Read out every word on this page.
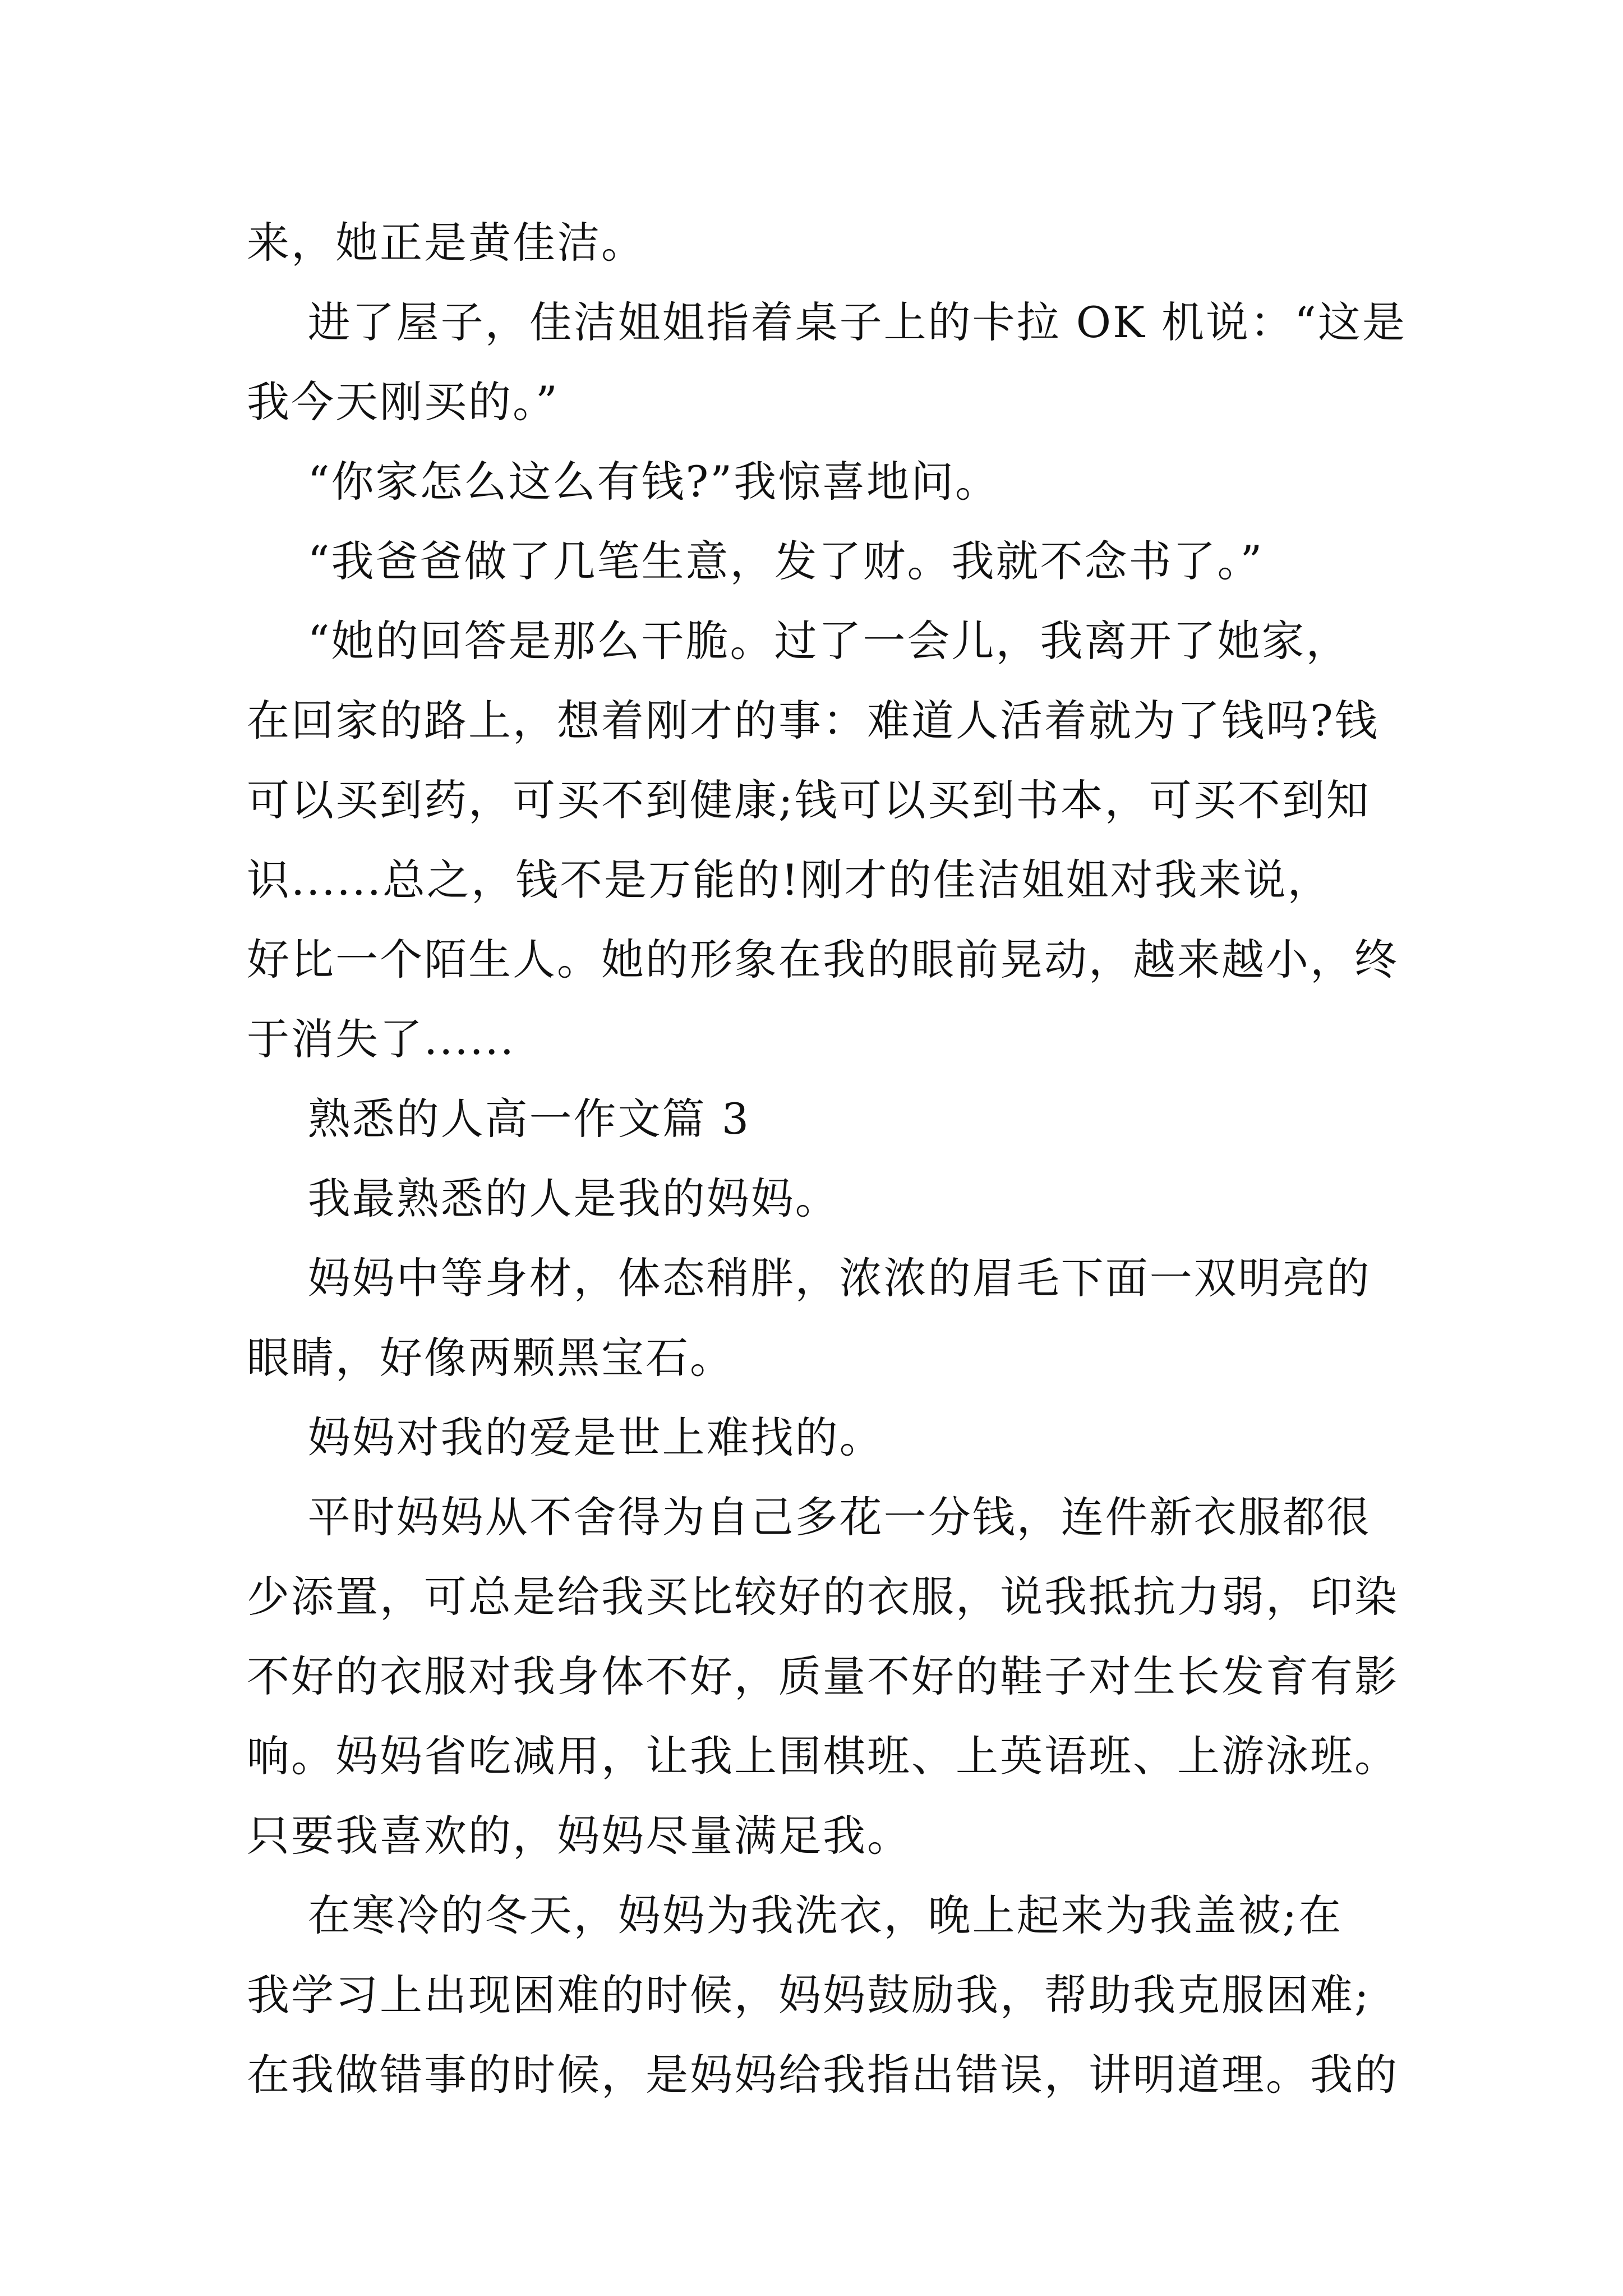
来，她正是黄佳洁。
进了屋子，佳洁姐姐指着桌子上的卡拉 OK 机说：“这是
我今天刚买的。”
“你家怎么这么有钱?”我惊喜地问。
“我爸爸做了几笔生意，发了财。我就不念书了。”
“她的回答是那么干脆。过了一会儿，我离开了她家，
在回家的路上，想着刚才的事：难道人活着就为了钱吗?钱
可以买到药，可买不到健康;钱可以买到书本，可买不到知
识......总之，钱不是万能的!刚才的佳洁姐姐对我来说，
好比一个陌生人。她的形象在我的眼前晃动，越来越小，终
于消失了......
熟悉的人高一作文篇 3
我最熟悉的人是我的妈妈。
妈妈中等身材，体态稍胖，浓浓的眉毛下面一双明亮的
眼睛，好像两颗黑宝石。
妈妈对我的爱是世上难找的。
平时妈妈从不舍得为自己多花一分钱，连件新衣服都很
少添置，可总是给我买比较好的衣服，说我抵抗力弱，印染
不好的衣服对我身体不好，质量不好的鞋子对生长发育有影
响。妈妈省吃减用，让我上围棋班、上英语班、上游泳班。
只要我喜欢的，妈妈尽量满足我。
在寒冷的冬天，妈妈为我洗衣，晚上起来为我盖被;在
我学习上出现困难的时候，妈妈鼓励我，帮助我克服困难;
在我做错事的时候，是妈妈给我指出错误，讲明道理。我的
